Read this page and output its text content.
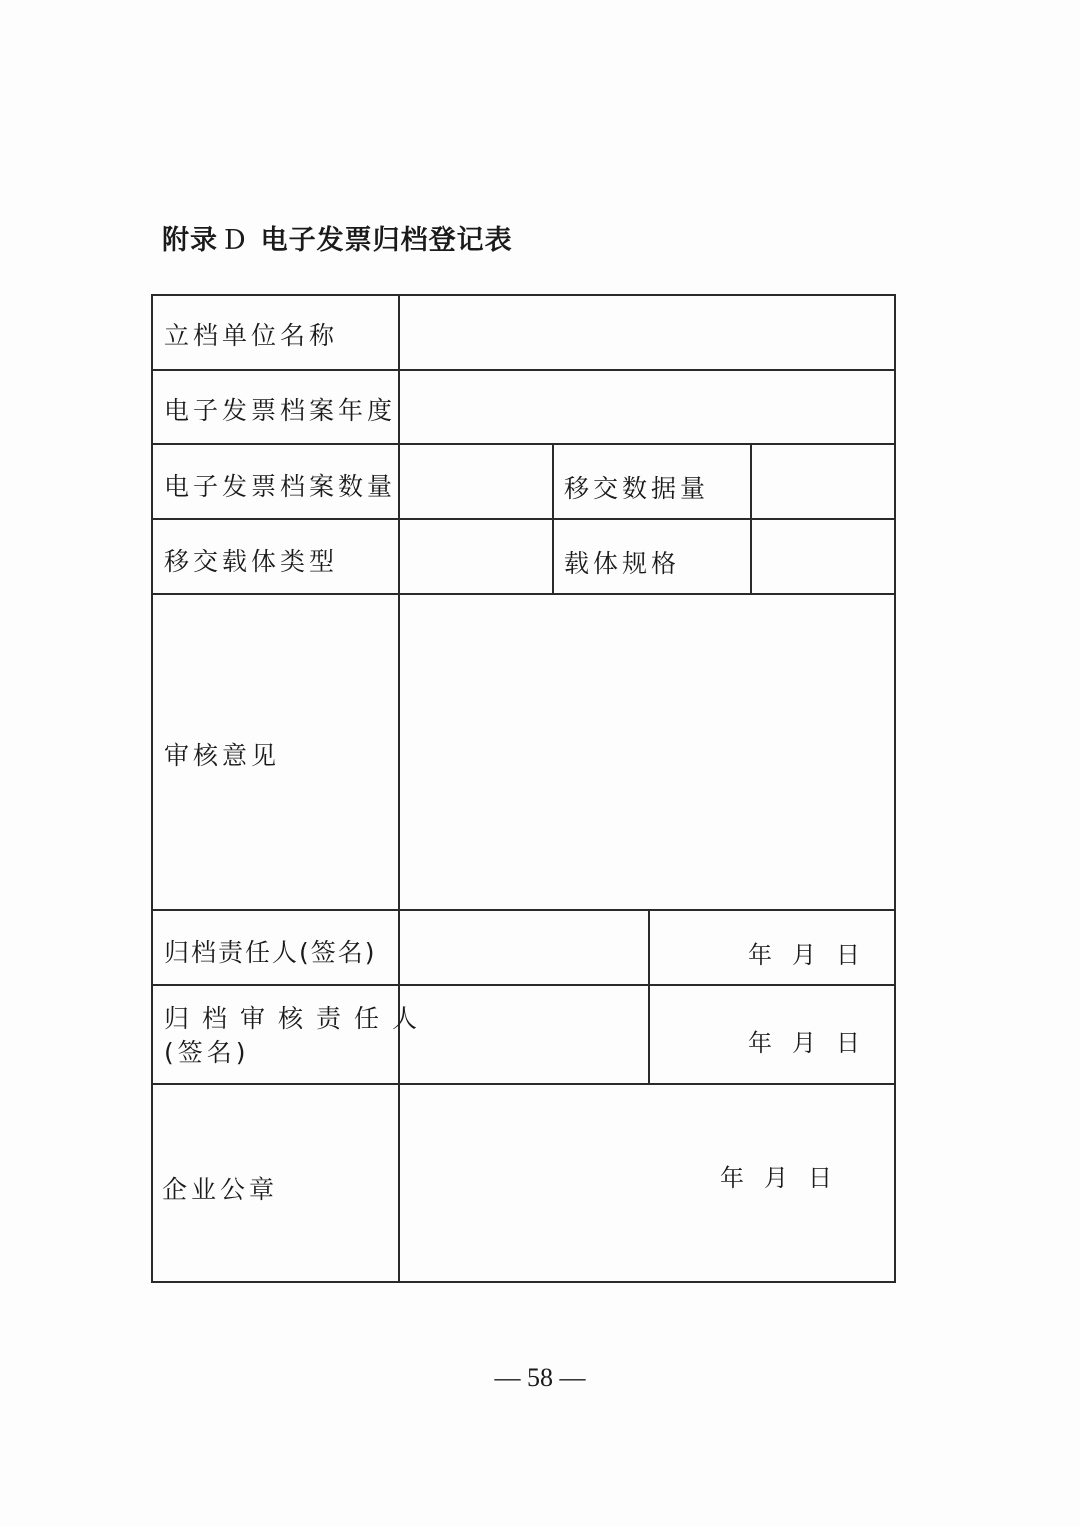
附录 D 电子发票归档登记表
立档单位名称
电子发票档案年度
电子发票档案数量	移交数据量
移交载体类型	载体规格
审核意见
归档责任人(签名)	年月日
归档审核责任人
(签名)	年月日
企业公章	年月日
— 58 —
